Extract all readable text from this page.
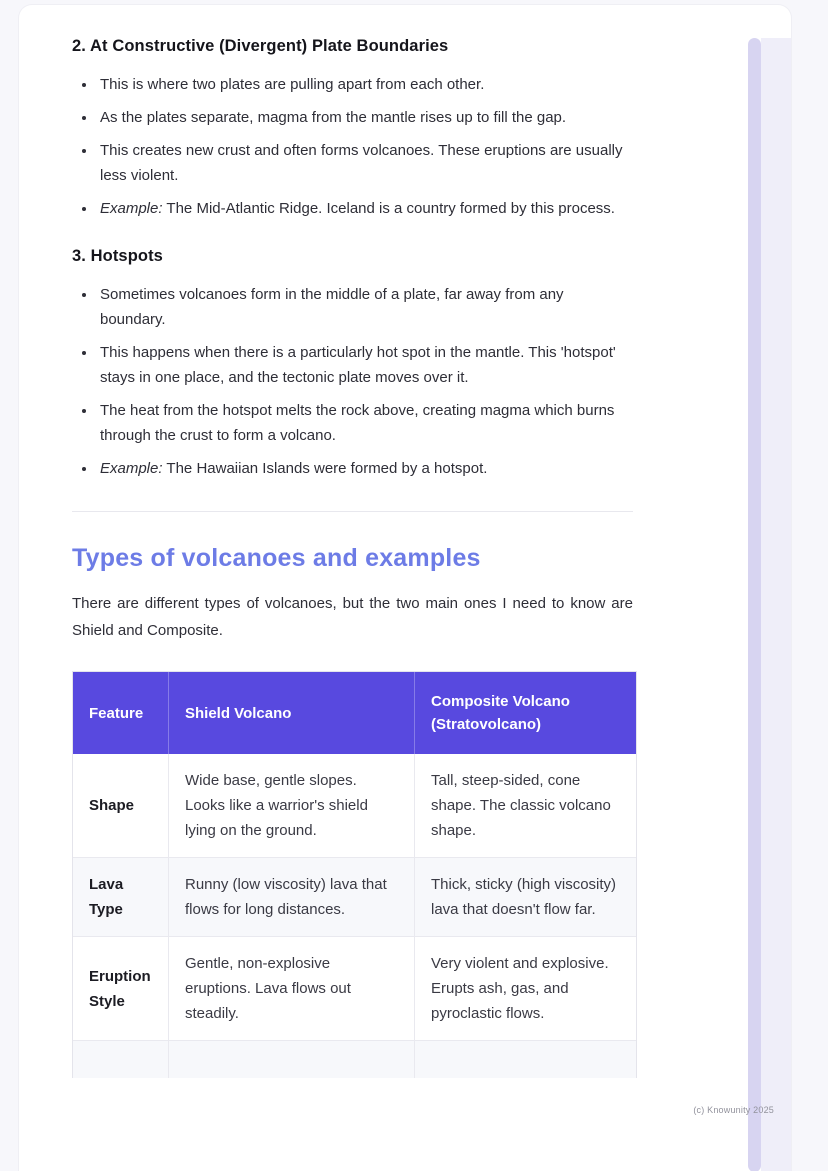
2. At Constructive (Divergent) Plate Boundaries
• This is where two plates are pulling apart from each other.
• As the plates separate, magma from the mantle rises up to fill the gap.
• This creates new crust and often forms volcanoes. These eruptions are usually less violent.
• Example: The Mid-Atlantic Ridge. Iceland is a country formed by this process.
3. Hotspots
• Sometimes volcanoes form in the middle of a plate, far away from any boundary.
• This happens when there is a particularly hot spot in the mantle. This 'hotspot' stays in one place, and the tectonic plate moves over it.
• The heat from the hotspot melts the rock above, creating magma which burns through the crust to form a volcano.
• Example: The Hawaiian Islands were formed by a hotspot.
Types of volcanoes and examples

There are different types of volcanoes, but the two main ones I need to know are Shield and Composite.

Feature	Shield Volcano	Composite Volcano (Stratovolcano)
Shape	Wide base, gentle slopes. Looks like a warrior's shield lying on the ground.	Tall, steep-sided, cone shape. The classic volcano shape.
Lava Type	Runny (low viscosity) lava that flows for long distances.	Thick, sticky (high viscosity) lava that doesn't flow far.
Eruption Style	Gentle, non-explosive eruptions. Lava flows out steadily.	Very violent and explosive. Erupts ash, gas, and pyroclastic flows.

(c) Knowunity 2025
